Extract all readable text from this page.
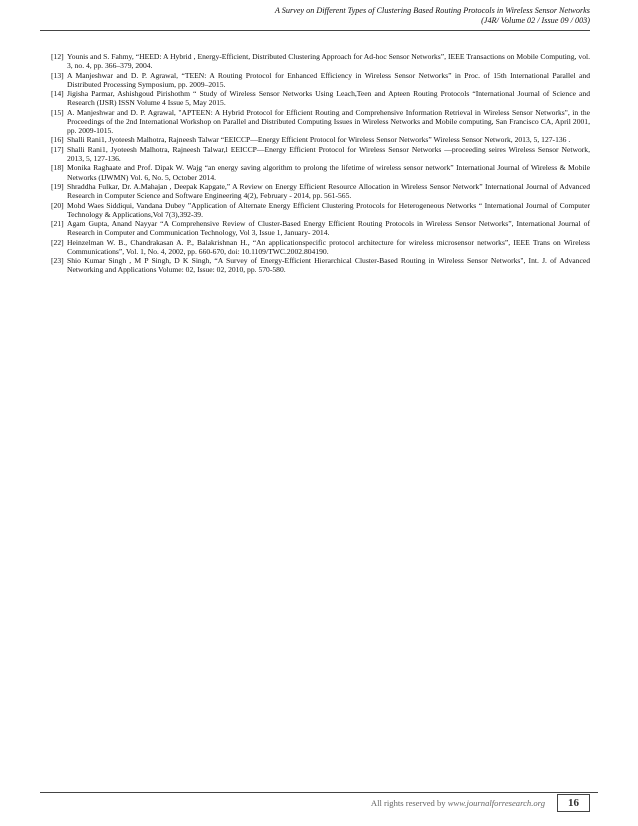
A Survey on Different Types of Clustering Based Routing Protocols in Wireless Sensor Networks
(J4R/ Volume 02 / Issue 09 / 003)
[12] Younis and S. Fahmy, “HEED: A Hybrid , Energy-Efficient, Distributed Clustering Approach for Ad-hoc Sensor Networks”, IEEE Transactions on Mobile Computing, vol. 3, no. 4, pp. 366–379, 2004.
[13] A Manjeshwar and D. P. Agrawal, “TEEN: A Routing Protocol for Enhanced Efficiency in Wireless Sensor Networks” in Proc. of 15th International Parallel and Distributed Processing Symposium, pp. 2009–2015.
[14] Jigisha Parmar, Ashishgoud Pirishothm “ Study of Wireless Sensor Networks Using Leach,Teen and Apteen Routing Protocols “International Journal of Science and Research (IJSR) ISSN Volume 4 Issue 5, May 2015.
[15] A. Manjeshwar and D. P. Agrawal, "APTEEN: A Hybrid Protocol for Efficient Routing and Comprehensive Information Retrieval in Wireless Sensor Networks", in the Proceedings of the 2nd International Workshop on Parallel and Distributed Computing Issues in Wireless Networks and Mobile computing, San Francisco CA, April 2001, pp. 2009-1015.
[16] Shalli Rani1, Jyoteesh Malhotra, Rajneesh Talwar “EEICCP—Energy Efficient Protocol for Wireless Sensor Networks” Wireless Sensor Network, 2013, 5, 127-136 .
[17] Shalli Rani1, Jyoteesh Malhotra, Rajneesh Talwar,l EEICCP—Energy Efficient Protocol for Wireless Sensor Networks ―proceeding seires Wireless Sensor Network, 2013, 5, 127-136.
[18] Monika Raghaate and Prof. Dipak W. Wajg “an energy saving algorithm to prolong the lifetime of wireless sensor network” International Journal of Wireless & Mobile Networks (IJWMN) Vol. 6, No. 5, October 2014.
[19] Shraddha Fulkar, Dr. A.Mahajan , Deepak Kapgate,” A Review on Energy Efficient Resource Allocation in Wireless Sensor Network” International Journal of Advanced Research in Computer Science and Software Engineering 4(2), February - 2014, pp. 561-565.
[20] Mohd Waes Siddiqui, Vandana Dubey ”Application of Alternate Energy Efficient Clustering Protocols for Heterogeneous Networks “ International Journal of Computer Technology & Applications,Vol 7(3),392-39.
[21] Agam Gupta, Anand Nayyar “A Comprehensive Review of Cluster-Based Energy Efficient Routing Protocols in Wireless Sensor Networks”, International Journal of Research in Computer and Communication Technology, Vol 3, Issue 1, January- 2014.
[22] Heinzelman W. B., Chandrakasan A. P., Balakrishnan H., “An applicationspecific protocol architecture for wireless microsensor networks”, IEEE Trans on Wireless Communications”, Vol. 1, No. 4, 2002, pp. 660-670, doi: 10.1109/TWC.2002.804190.
[23] Shio Kumar Singh , M P Singh, D K Singh, “A Survey of Energy-Efficient Hierarchical Cluster-Based Routing in Wireless Sensor Networks", Int. J. of Advanced Networking and Applications Volume: 02, Issue: 02, 2010, pp. 570-580.
All rights reserved by www.journalforresearch.org	16
